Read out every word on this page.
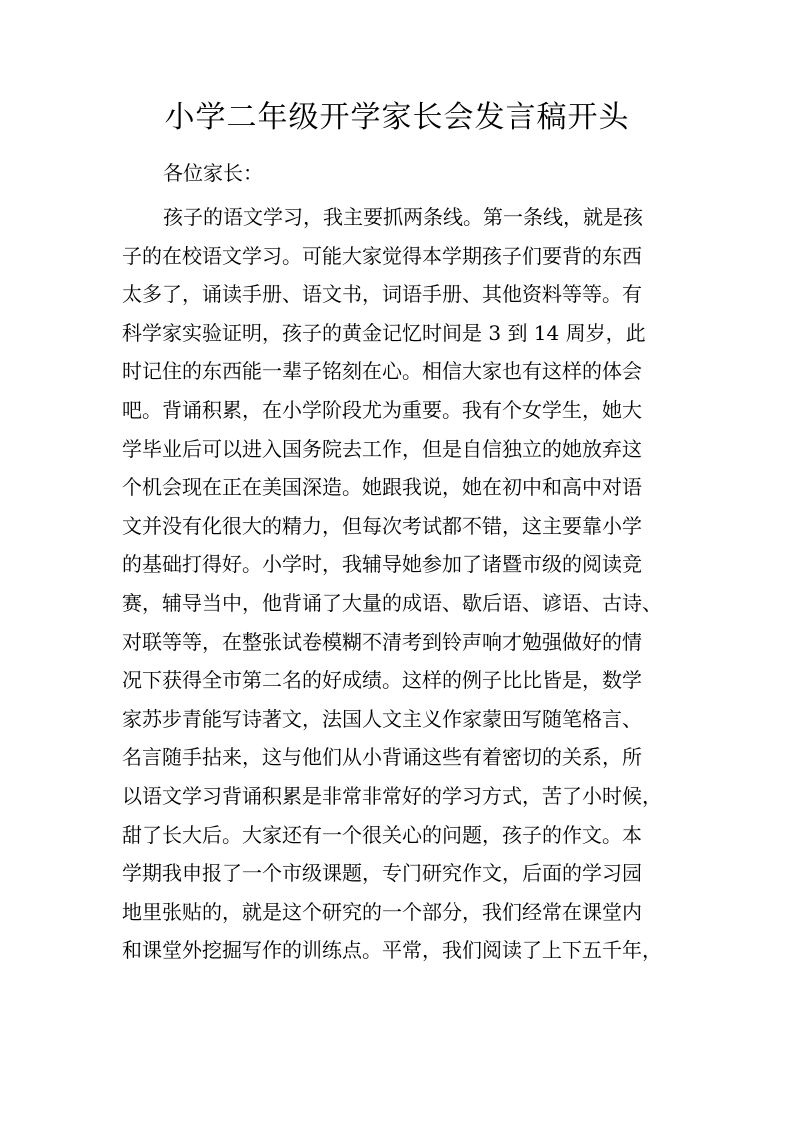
小学二年级开学家长会发言稿开头

各位家长：

孩子的语文学习，我主要抓两条线。第一条线，就是孩
子的在校语文学习。可能大家觉得本学期孩子们要背的东西
太多了，诵读手册、语文书，词语手册、其他资料等等。有
科学家实验证明，孩子的黄金记忆时间是 3 到 14 周岁，此
时记住的东西能一辈子铭刻在心。相信大家也有这样的体会
吧。背诵积累，在小学阶段尤为重要。我有个女学生，她大
学毕业后可以进入国务院去工作，但是自信独立的她放弃这
个机会现在正在美国深造。她跟我说，她在初中和高中对语
文并没有化很大的精力，但每次考试都不错，这主要靠小学
的基础打得好。小学时，我辅导她参加了诸暨市级的阅读竞
赛，辅导当中，他背诵了大量的成语、歇后语、谚语、古诗、
对联等等，在整张试卷模糊不清考到铃声响才勉强做好的情
况下获得全市第二名的好成绩。这样的例子比比皆是，数学
家苏步青能写诗著文，法国人文主义作家蒙田写随笔格言、
名言随手拈来，这与他们从小背诵这些有着密切的关系，所
以语文学习背诵积累是非常非常好的学习方式，苦了小时候，
甜了长大后。大家还有一个很关心的问题，孩子的作文。本
学期我申报了一个市级课题，专门研究作文，后面的学习园
地里张贴的，就是这个研究的一个部分，我们经常在课堂内
和课堂外挖掘写作的训练点。平常，我们阅读了上下五千年，
